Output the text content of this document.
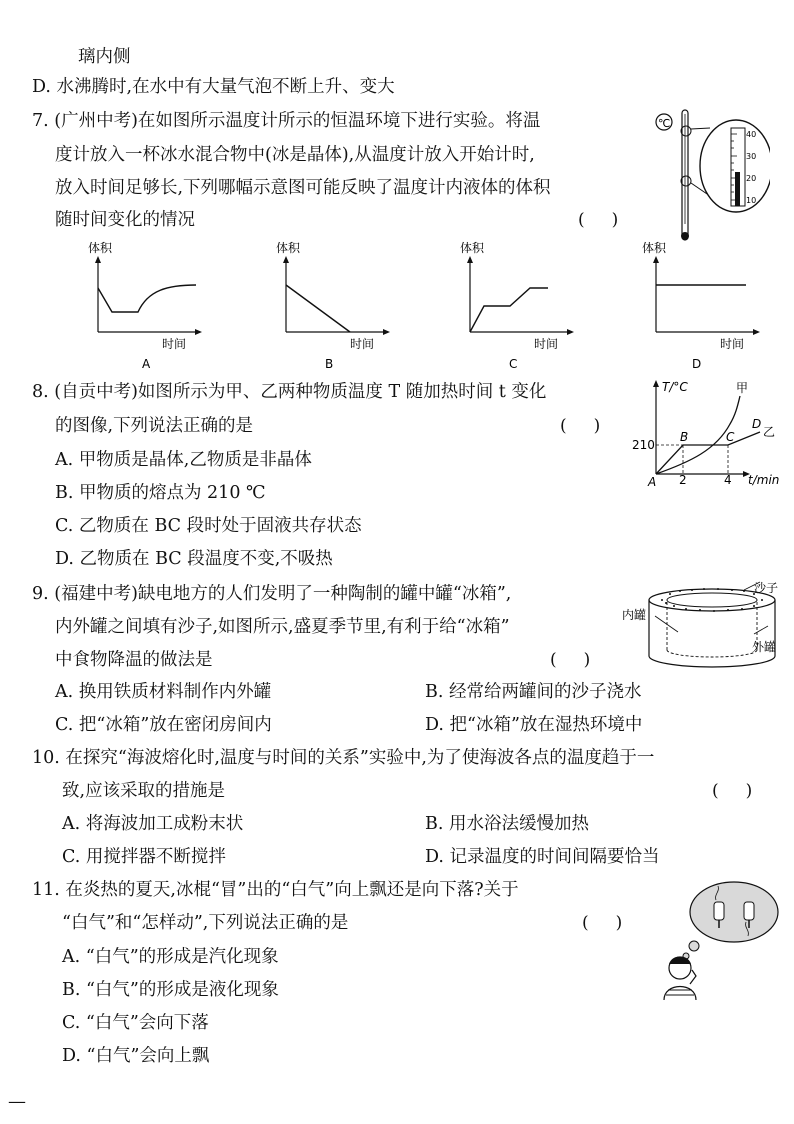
璃内侧
D. 水沸腾时,在水中有大量气泡不断上升、变大
7. (广州中考)在如图所示温度计所示的恒温环境下进行实验。将温
度计放入一杯冰水混合物中(冰是晶体),从温度计放入开始计时,
放入时间足够长,下列哪幅示意图可能反映了温度计内液体的体积
随时间变化的情况	(     )
℃
40
30
20
10
体积
时间
A
体积
时间
B
体积
时间
C
体积
时间
D
8. (自贡中考)如图所示为甲、乙两种物质温度 T 随加热时间 t 变化
的图像,下列说法正确的是	(     )
A. 甲物质是晶体,乙物质是非晶体
B. 甲物质的熔点为 210 ℃
C. 乙物质在 BC 段时处于固液共存状态
D. 乙物质在 BC 段温度不变,不吸热
T/°C
t/min
210
2	4
A
B	C
D
乙
甲
9. (福建中考)缺电地方的人们发明了一种陶制的罐中罐“冰箱”,
内外罐之间填有沙子,如图所示,盛夏季节里,有利于给“冰箱”
中食物降温的做法是	(     )
A. 换用铁质材料制作内外罐	B. 经常给两罐间的沙子浇水
C. 把“冰箱”放在密闭房间内	D. 把“冰箱”放在湿热环境中
沙子
内罐
外罐
10. 在探究“海波熔化时,温度与时间的关系”实验中,为了使海波各点的温度趋于一
致,应该采取的措施是	(     )
A. 将海波加工成粉末状	B. 用水浴法缓慢加热
C. 用搅拌器不断搅拌	D. 记录温度的时间间隔要恰当
11. 在炎热的夏天,冰棍“冒”出的“白气”向上飘还是向下落?关于
“白气”和“怎样动”,下列说法正确的是	(     )
A. “白气”的形成是汽化现象
B. “白气”的形成是液化现象
C. “白气”会向下落
D. “白气”会向上飘
—
